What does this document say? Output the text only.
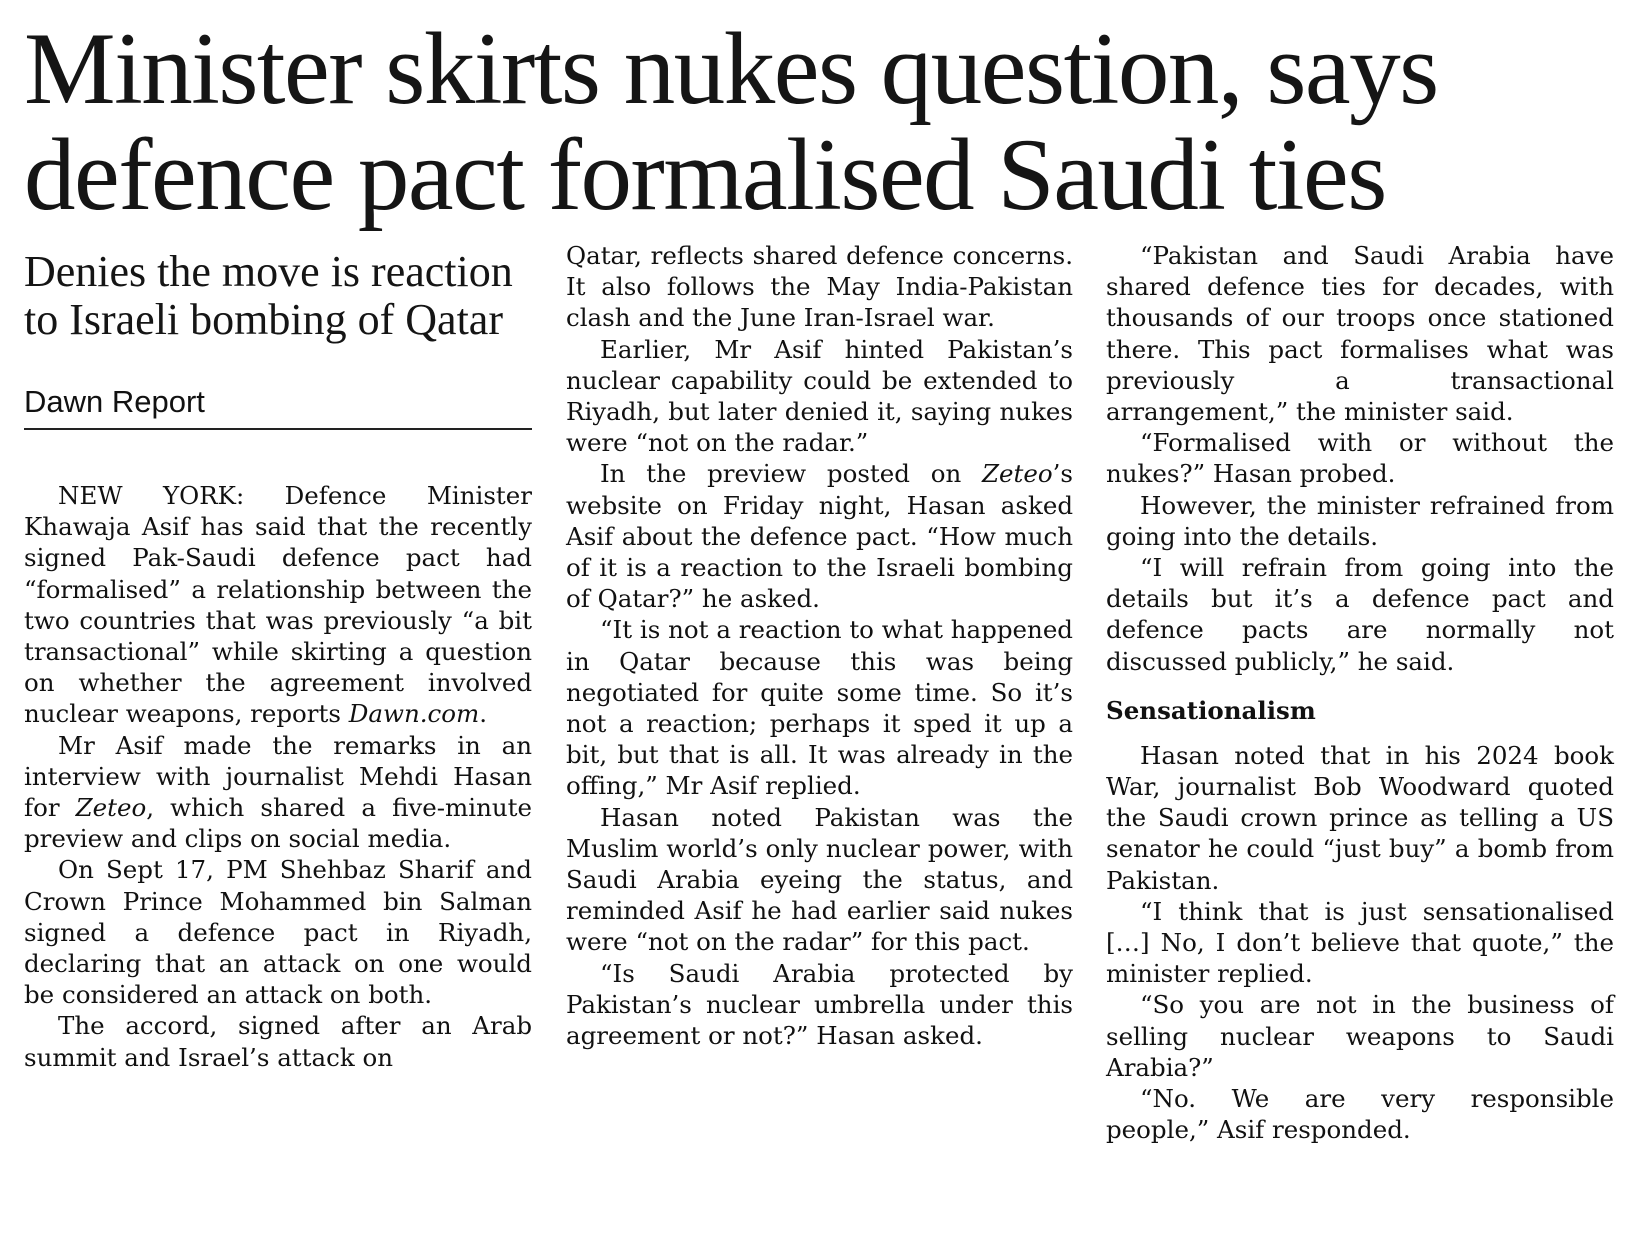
Minister skirts nukes question, says defence pact formalised Saudi ties
Denies the move is reaction to Israeli bombing of Qatar
Dawn Report

NEW YORK: Defence Minister Khawaja Asif has said that the recently signed Pak-Saudi defence pact had “formalised” a relationship between the two countries that was previously “a bit transactional” while skirting a question on whether the agreement involved nuclear weapons, reports Dawn.com.

Mr Asif made the remarks in an interview with journalist Mehdi Hasan for Zeteo, which shared a five-minute preview and clips on social media.

On Sept 17, PM Shehbaz Sharif and Crown Prince Mohammed bin Salman signed a defence pact in Riyadh, declaring that an attack on one would be considered an attack on both.

The accord, signed after an Arab summit and Israel’s attack on

Qatar, reflects shared defence concerns. It also follows the May India-Pakistan clash and the June Iran-Israel war.

Earlier, Mr Asif hinted Pakistan’s nuclear capability could be extended to Riyadh, but later denied it, saying nukes were “not on the radar.”

In the preview posted on Zeteo’s website on Friday night, Hasan asked Asif about the defence pact. “How much of it is a reaction to the Israeli bombing of Qatar?” he asked.

“It is not a reaction to what happened in Qatar because this was being negotiated for quite some time. So it’s not a reaction; perhaps it sped it up a bit, but that is all. It was already in the offing,” Mr Asif replied.

Hasan noted Pakistan was the Muslim world’s only nuclear power, with Saudi Arabia eyeing the status, and reminded Asif he had earlier said nukes were “not on the radar” for this pact.

“Is Saudi Arabia protected by Pakistan’s nuclear umbrella under this agreement or not?” Hasan asked.

“Pakistan and Saudi Arabia have shared defence ties for decades, with thousands of our troops once stationed there. This pact formalises what was previously a transactional arrangement,” the minister said.

“Formalised with or without the nukes?” Hasan probed.

However, the minister refrained from going into the details.

“I will refrain from going into the details but it’s a defence pact and defence pacts are normally not discussed publicly,” he said.

Sensationalism

Hasan noted that in his 2024 book War, journalist Bob Woodward quoted the Saudi crown prince as telling a US senator he could “just buy” a bomb from Pakistan.

“I think that is just sensationalised […] No, I don’t believe that quote,” the minister replied.

“So you are not in the business of selling nuclear weapons to Saudi Arabia?”

“No. We are very responsible people,” Asif responded.
